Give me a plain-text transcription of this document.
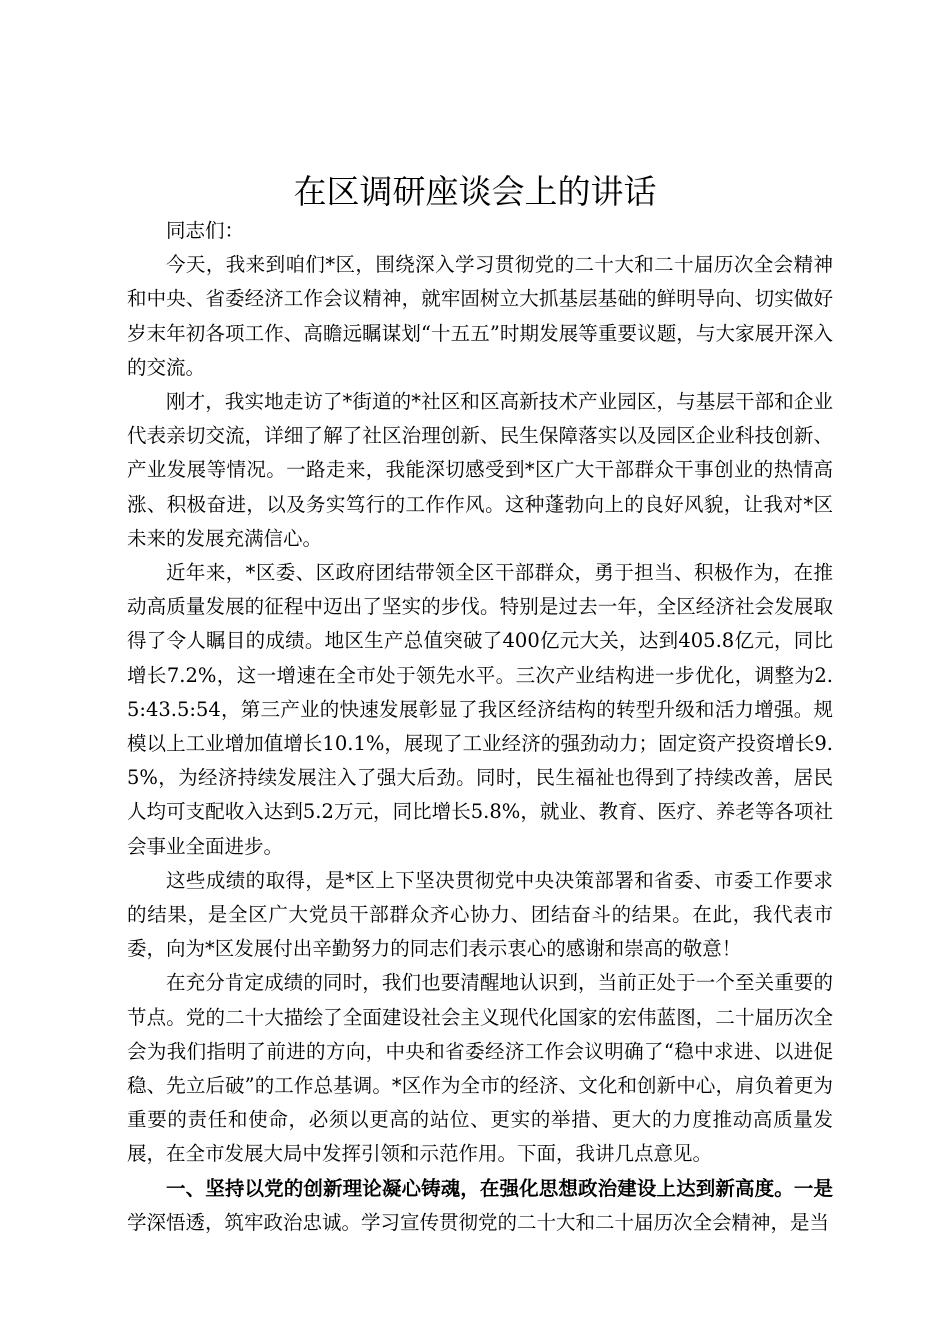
在区调研座谈会上的讲话

同志们：

今天，我来到咱们*区，围绕深入学习贯彻党的二十大和二十届历次全会精神和中央、省委经济工作会议精神，就牢固树立大抓基层基础的鲜明导向、切实做好岁末年初各项工作、高瞻远瞩谋划“十五五”时期发展等重要议题，与大家展开深入的交流。

刚才，我实地走访了*街道的*社区和区高新技术产业园区，与基层干部和企业代表亲切交流，详细了解了社区治理创新、民生保障落实以及园区企业科技创新、产业发展等情况。一路走来，我能深切感受到*区广大干部群众干事创业的热情高涨、积极奋进，以及务实笃行的工作作风。这种蓬勃向上的良好风貌，让我对*区未来的发展充满信心。

近年来，*区委、区政府团结带领全区干部群众，勇于担当、积极作为，在推动高质量发展的征程中迈出了坚实的步伐。特别是过去一年，全区经济社会发展取得了令人瞩目的成绩。地区生产总值突破了400亿元大关，达到405.8亿元，同比增长7.2%，这一增速在全市处于领先水平。三次产业结构进一步优化，调整为2.5:43.5:54，第三产业的快速发展彰显了我区经济结构的转型升级和活力增强。规模以上工业增加值增长10.1%，展现了工业经济的强劲动力；固定资产投资增长9.5%，为经济持续发展注入了强大后劲。同时，民生福祉也得到了持续改善，居民人均可支配收入达到5.2万元，同比增长5.8%，就业、教育、医疗、养老等各项社会事业全面进步。

这些成绩的取得，是*区上下坚决贯彻党中央决策部署和省委、市委工作要求的结果，是全区广大党员干部群众齐心协力、团结奋斗的结果。在此，我代表市委，向为*区发展付出辛勤努力的同志们表示衷心的感谢和崇高的敬意！

在充分肯定成绩的同时，我们也要清醒地认识到，当前正处于一个至关重要的节点。党的二十大描绘了全面建设社会主义现代化国家的宏伟蓝图，二十届历次全会为我们指明了前进的方向，中央和省委经济工作会议明确了“稳中求进、以进促稳、先立后破”的工作总基调。*区作为全市的经济、文化和创新中心，肩负着更为重要的责任和使命，必须以更高的站位、更实的举措、更大的力度推动高质量发展，在全市发展大局中发挥引领和示范作用。下面，我讲几点意见。

一、坚持以党的创新理论凝心铸魂，在强化思想政治建设上达到新高度。一是学深悟透，筑牢政治忠诚。学习宣传贯彻党的二十大和二十届历次全会精神，是当
